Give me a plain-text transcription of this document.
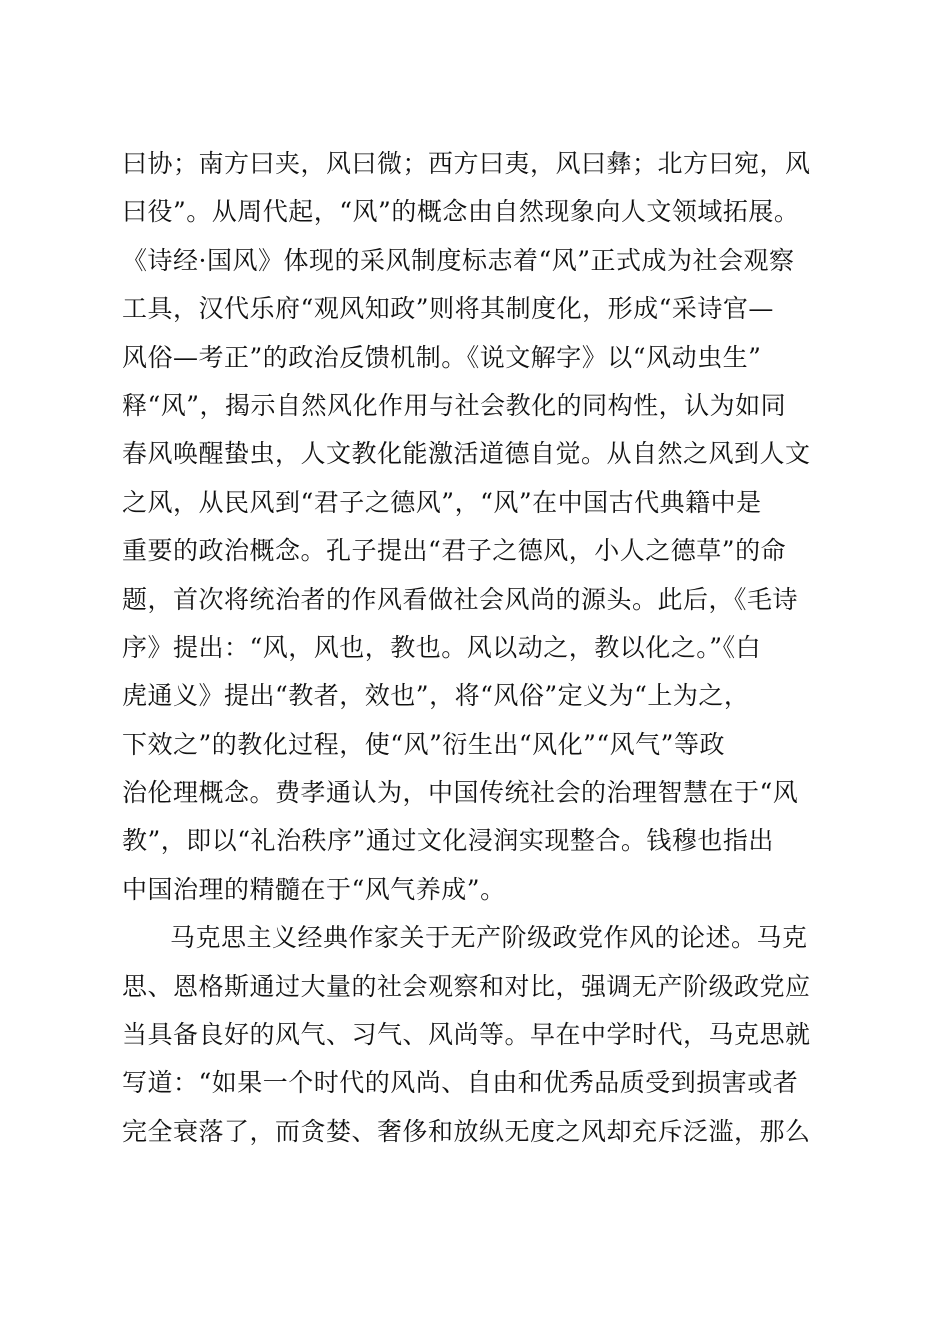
曰协；南方曰夹，风曰微；西方曰夷，风曰彝；北方曰宛，风
曰役”。从周代起，“风”的概念由自然现象向人文领域拓展。
《诗经·国风》体现的采风制度标志着“风”正式成为社会观察
工具，汉代乐府“观风知政”则将其制度化，形成“采诗官—
风俗—考正”的政治反馈机制。《说文解字》以“风动虫生”
释“风”，揭示自然风化作用与社会教化的同构性，认为如同
春风唤醒蛰虫，人文教化能激活道德自觉。从自然之风到人文
之风，从民风到“君子之德风”，“风”在中国古代典籍中是
重要的政治概念。孔子提出“君子之德风，小人之德草”的命
题，首次将统治者的作风看做社会风尚的源头。此后，《毛诗
序》提出：“风，风也，教也。风以动之，教以化之。”《白
虎通义》提出“教者，效也”，将“风俗”定义为“上为之，
下效之”的教化过程，使“风”衍生出“风化”“风气”等政
治伦理概念。费孝通认为，中国传统社会的治理智慧在于“风
教”，即以“礼治秩序”通过文化浸润实现整合。钱穆也指出
中国治理的精髓在于“风气养成”。
马克思主义经典作家关于无产阶级政党作风的论述。马克
思、恩格斯通过大量的社会观察和对比，强调无产阶级政党应
当具备良好的风气、习气、风尚等。早在中学时代，马克思就
写道：“如果一个时代的风尚、自由和优秀品质受到损害或者
完全衰落了，而贪婪、奢侈和放纵无度之风却充斥泛滥，那么
